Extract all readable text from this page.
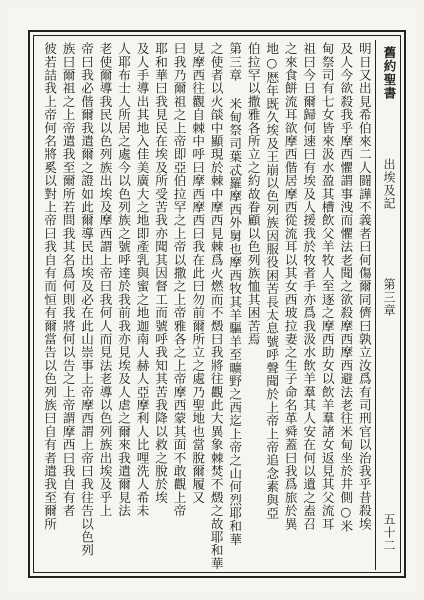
舊約聖書
出埃及記
第三章
五十二
明日又出見希伯來二人闘譁不義者曰何傷爾同儕曰孰立汝爲有司刑官以治我乎昔殺埃
及人今欲殺我乎摩西懼謂事洩而懼法老聞之欲殺摩西摩西避法老往米甸坐於井側○米
甸祭司有七女皆來汲水盈其槽飲父羊牧人至逐之摩西助女以飲羊羣諸女返見其父流耳
祖曰今日爾歸何速曰有埃及人援我於牧者手亦爲我汲水飲羊羣其人安在何以遺之盍召
之來食餅流耳欲摩西偕居摩西從流耳以其女西玻拉妻之生子命名革舜蓋曰我爲旅於異
地○厯年既久埃及王崩以色列族因服役困苦長太息號呼聲聞於上帝上帝追念素與亞
伯拉罕以撒雅各所立之約故眷顧以色列族恤其困苦焉
第三章 米甸祭司葉忒羅摩西外舅也摩西牧其羊驅羊至曠野之西迄上帝之山何烈耶和華
之使者以火燄中顯現於棘中摩西見棘爲火燃而不燬曰我將往觀此大異象棘焚不燬之故耶和華
見摩西往觀自棘中呼曰摩西摩西曰我在此曰勿前爾所立之處乃聖地也當脫爾履又
曰我乃爾祖之上帝即亞伯拉罕之上帝以撒之上帝雅各之上帝摩西蒙其面不敢觀上帝
耶和華曰我見民在埃及所受苦我亦聞其因督工而號呼我知其苦我降以救之脫於埃
及人手導出其地入佳美廣大之地即產乳與蜜之地迦南人赫人亞摩利人比哩洗人希未
人耶布士人所居之處今以色列族之號呼達於我前我亦見埃及人虐之爾來我遣爾見法
老使爾導我民以色列族出埃及摩西謂上帝曰我何人而見法老導以色列族出埃及乎上
帝曰我必偕爾我遣爾之證如此爾導民出埃及必在此山崇事上帝摩西謂上帝曰我往告以色列
族曰爾祖之上帝遣我至爾所若問我其名爲何則我將何以告之上帝謂摩西曰我自有者
彼若詰我上帝何名將奚以對上帝曰我自有而恒有爾當告以色列族曰自有者遣我至爾所
